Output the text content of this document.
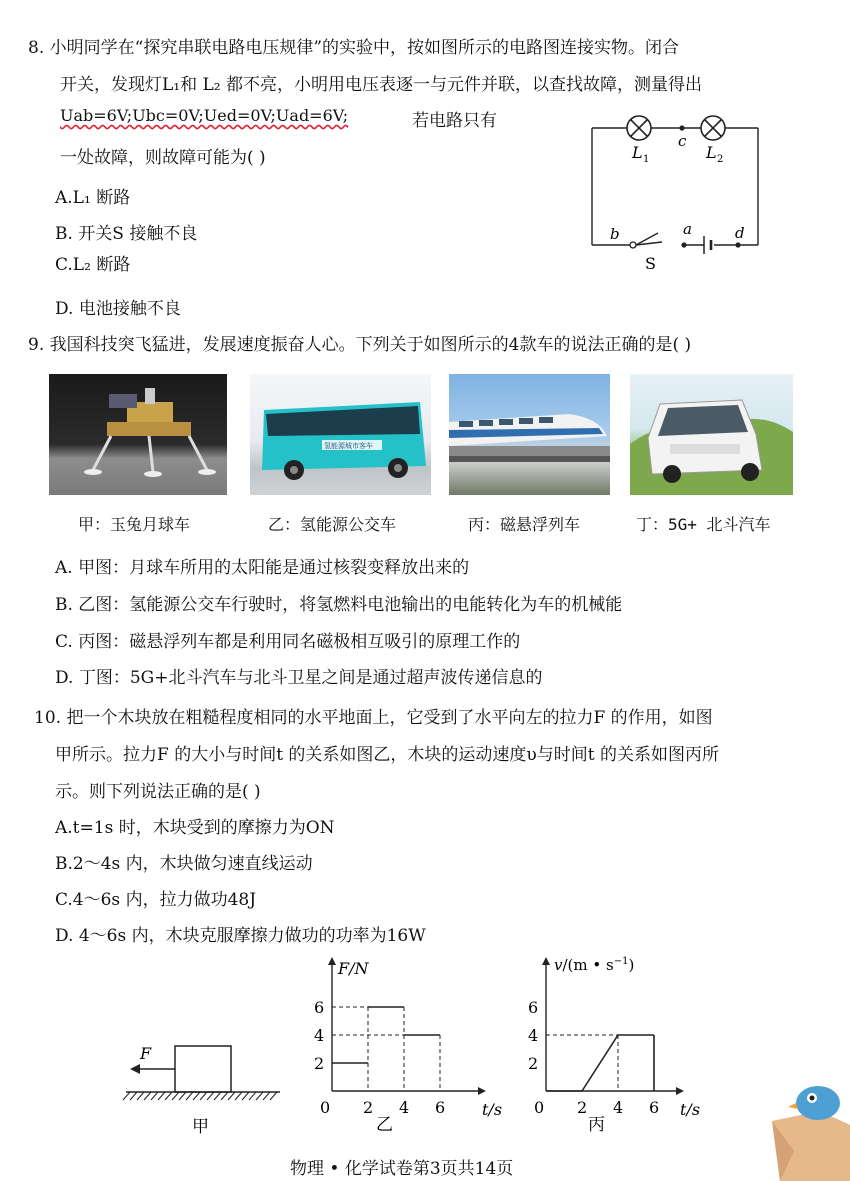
8. 小明同学在“探究串联电路电压规律”的实验中，按如图所示的电路图连接实物。闭合
开关，发现灯L₁和 L₂ 都不亮，小明用电压表逐一与元件并联，以查找故障，测量得出
Uab=6V;Ubc=0V;Ued=0V;Uad=6V;	若电路只有
一处故障，则故障可能为( )
A.L₁ 断路
B. 开关S 接触不良
C.L₂ 断路
D. 电池接触不良
L 1	L 2
c
b	a	d
S
9. 我国科技突飞猛进，发展速度振奋人心。下列关于如图所示的4款车的说法正确的是( )
氢能源城市客车
甲：玉兔月球车	乙：氢能源公交车	丙：磁悬浮列车	丁：5G+ 北斗汽车
A. 甲图：月球车所用的太阳能是通过核裂变释放出来的
B. 乙图：氢能源公交车行驶时，将氢燃料电池输出的电能转化为车的机械能
C. 丙图：磁悬浮列车都是利用同名磁极相互吸引的原理工作的
D. 丁图：5G+北斗汽车与北斗卫星之间是通过超声波传递信息的
10. 把一个木块放在粗糙程度相同的水平地面上，它受到了水平向左的拉力F 的作用，如图
甲所示。拉力F 的大小与时间t 的关系如图乙，木块的运动速度υ与时间t 的关系如图丙所
示。则下列说法正确的是( )
A.t=1s 时，木块受到的摩擦力为ON
B.2～4s 内，木块做匀速直线运动
C.4～6s 内，拉力做功48J
D. 4～6s 内，木块克服摩擦力做功的功率为16W
F
甲
0 2 4 6
2
4
6
t/s
F/N
乙
0 2 4 6
2
4
6
t/s
v/(m • $s^{-1}$)
丙
物理 • 化学试卷第3页共14页
